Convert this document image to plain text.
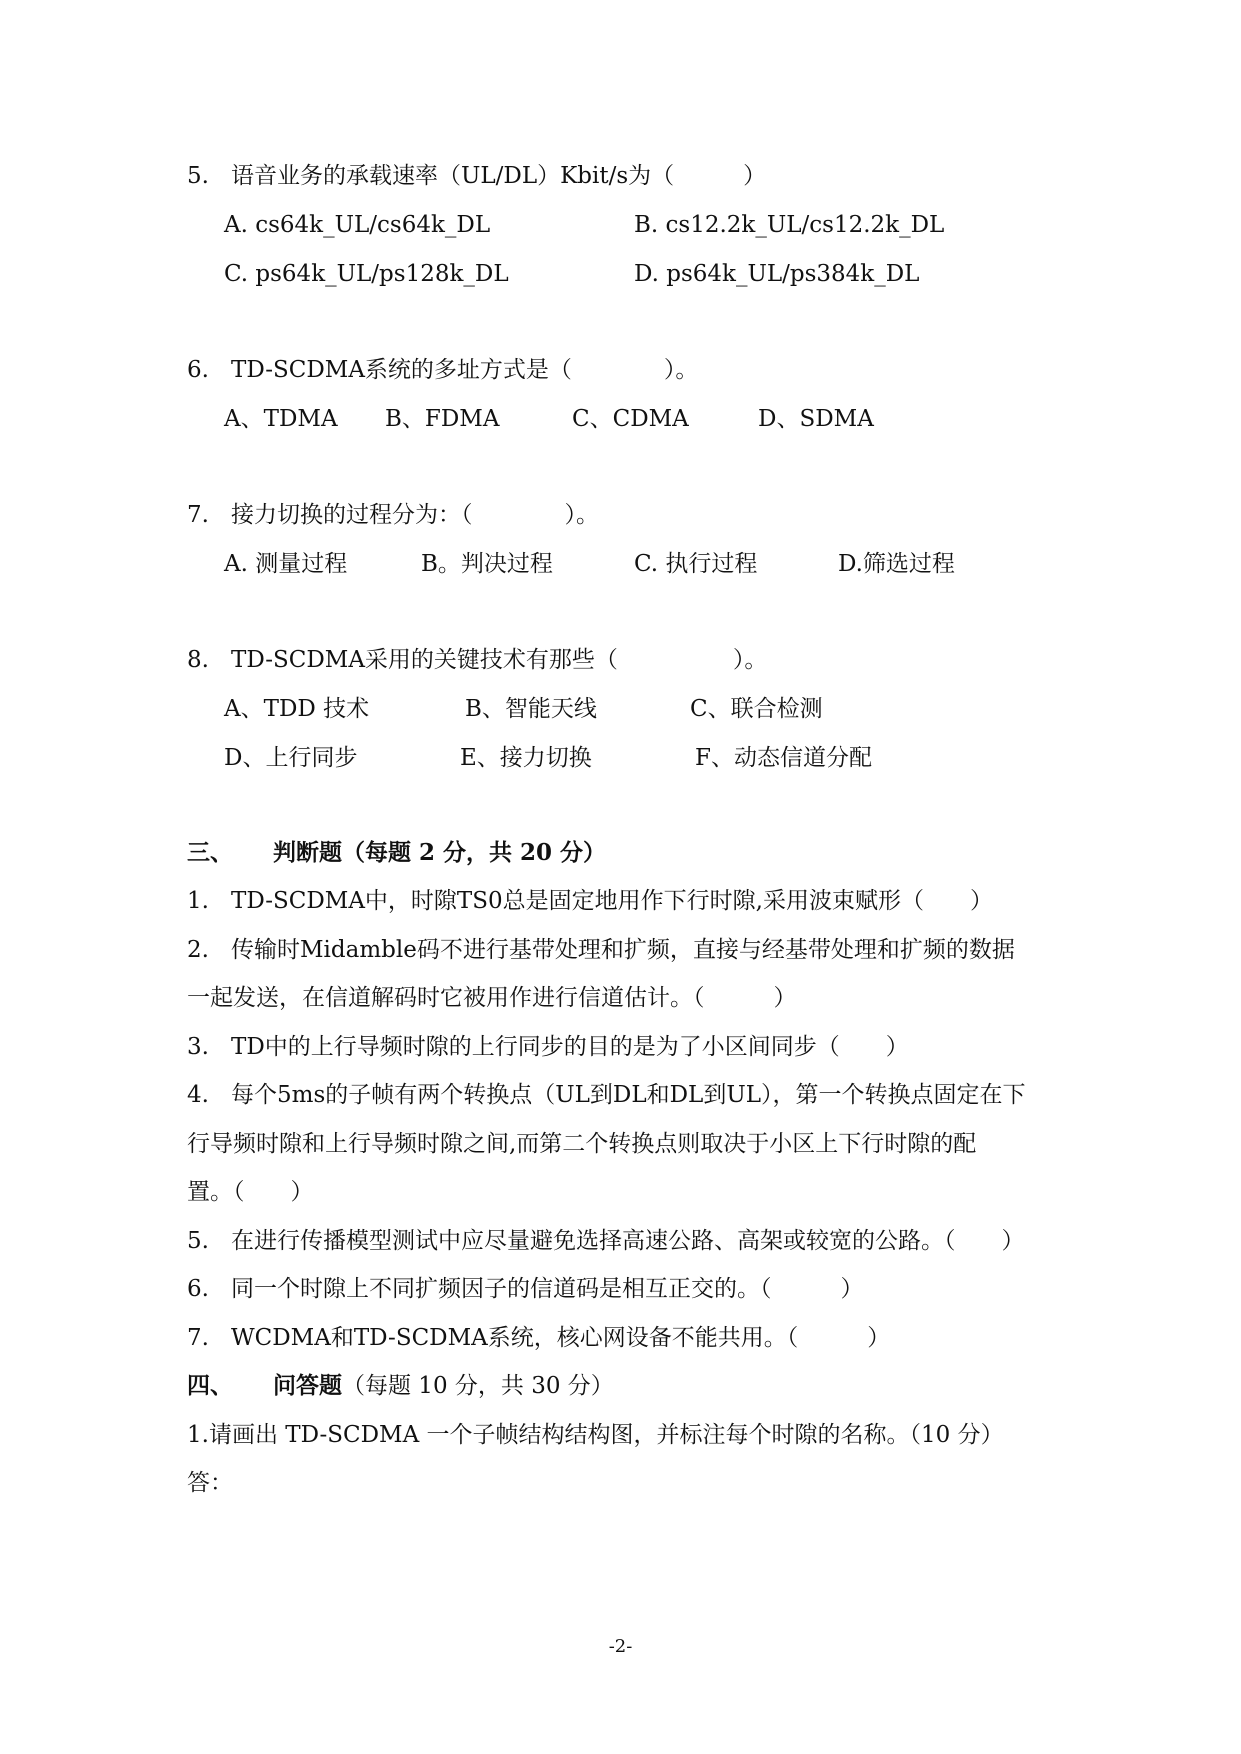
5. 语音业务的承载速率（UL/DL）Kbit/s为（　　　）
A. cs64k_UL/cs64k_DL	B. cs12.2k_UL/cs12.2k_DL
C. ps64k_UL/ps128k_DL	D. ps64k_UL/ps384k_DL
6. TD-SCDMA系统的多址方式是（　　　　）。
A、TDMA B、FDMA	C、CDMA	D、SDMA
7. 接力切换的过程分为：（　　　　）。
A. 测量过程	B。判决过程	C. 执行过程	D.筛选过程
8. TD-SCDMA采用的关键技术有那些（　　　　　）。
A、TDD 技术	B、智能天线	C、联合检测
D、上行同步	E、接力切换	F、动态信道分配
三、 判断题（每题 2 分，共 20 分）
1. TD-SCDMA中，时隙TS0总是固定地用作下行时隙,采用波束赋形（　　）
2. 传输时Midamble码不进行基带处理和扩频，直接与经基带处理和扩频的数据
一起发送，在信道解码时它被用作进行信道估计。（　　　）
3. TD中的上行导频时隙的上行同步的目的是为了小区间同步（　　）
4. 每个5ms的子帧有两个转换点（UL到DL和DL到UL），第一个转换点固定在下
行导频时隙和上行导频时隙之间,而第二个转换点则取决于小区上下行时隙的配
置。（　　）
5. 在进行传播模型测试中应尽量避免选择高速公路、高架或较宽的公路。（　　）
6. 同一个时隙上不同扩频因子的信道码是相互正交的。（　　　）
7. WCDMA和TD-SCDMA系统，核心网设备不能共用。（　　　）
四、 问答题（每题 10 分，共 30 分）
1.请画出 TD-SCDMA 一个子帧结构结构图，并标注每个时隙的名称。（10 分）
答：
-2-
